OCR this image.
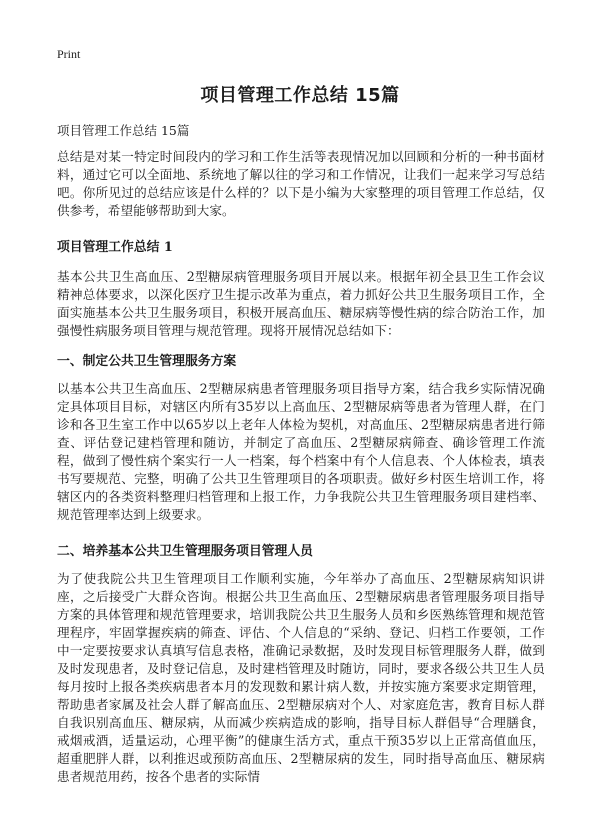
Print
项目管理工作总结 15篇
项目管理工作总结 15篇
总结是对某一特定时间段内的学习和工作生活等表现情况加以回顾和分析的一种书面材料，通过它可以全面地、系统地了解以往的学习和工作情况，让我们一起来学习写总结吧。你所见过的总结应该是什么样的？以下是小编为大家整理的项目管理工作总结，仅供参考，希望能够帮助到大家。
项目管理工作总结 1
基本公共卫生高血压、2型糖尿病管理服务项目开展以来。根据年初全县卫生工作会议精神总体要求，以深化医疗卫生提示改革为重点，着力抓好公共卫生服务项目工作，全面实施基本公共卫生服务项目，积极开展高血压、糖尿病等慢性病的综合防治工作，加强慢性病服务项目管理与规范管理。现将开展情况总结如下：
一、制定公共卫生管理服务方案
以基本公共卫生高血压、2型糖尿病患者管理服务项目指导方案，结合我乡实际情况确定具体项目目标，对辖区内所有35岁以上高血压、2型糖尿病等患者为管理人群，在门诊和各卫生室工作中以65岁以上老年人体检为契机，对高血压、2型糖尿病患者进行筛查、评估登记建档管理和随访，并制定了高血压、2型糖尿病筛查、确诊管理工作流程，做到了慢性病个案实行一人一档案，每个档案中有个人信息表、个人体检表，填表书写要规范、完整，明确了公共卫生管理项目的各项职责。做好乡村医生培训工作，将辖区内的各类资料整理归档管理和上报工作，力争我院公共卫生管理服务项目建档率、规范管理率达到上级要求。
二、培养基本公共卫生管理服务项目管理人员
为了使我院公共卫生管理项目工作顺利实施，今年举办了高血压、2型糖尿病知识讲座，之后接受广大群众咨询。根据公共卫生高血压、2型糖尿病患者管理服务项目指导方案的具体管理和规范管理要求，培训我院公共卫生服务人员和乡医熟练管理和规范管理程序，牢固掌握疾病的筛查、评估、个人信息的“采纳、登记、归档工作要领，工作中一定要按要求认真填写信息表格，准确记录数据，及时发现目标管理服务人群，做到及时发现患者，及时登记信息，及时建档管理及时随访，同时，要求各级公共卫生人员每月按时上报各类疾病患者本月的发现数和累计病人数，并按实施方案要求定期管理，帮助患者家属及社会人群了解高血压、2型糖尿病对个人、对家庭危害，教育目标人群自我识别高血压、糖尿病，从而减少疾病造成的影响，指导目标人群倡导“合理膳食，戒烟戒酒，适量运动，心理平衡”的健康生活方式，重点干预35岁以上正常高值血压，超重肥胖人群，以利推迟或预防高血压、2型糖尿病的发生，同时指导高血压、糖尿病患者规范用药，按各个患者的实际情
